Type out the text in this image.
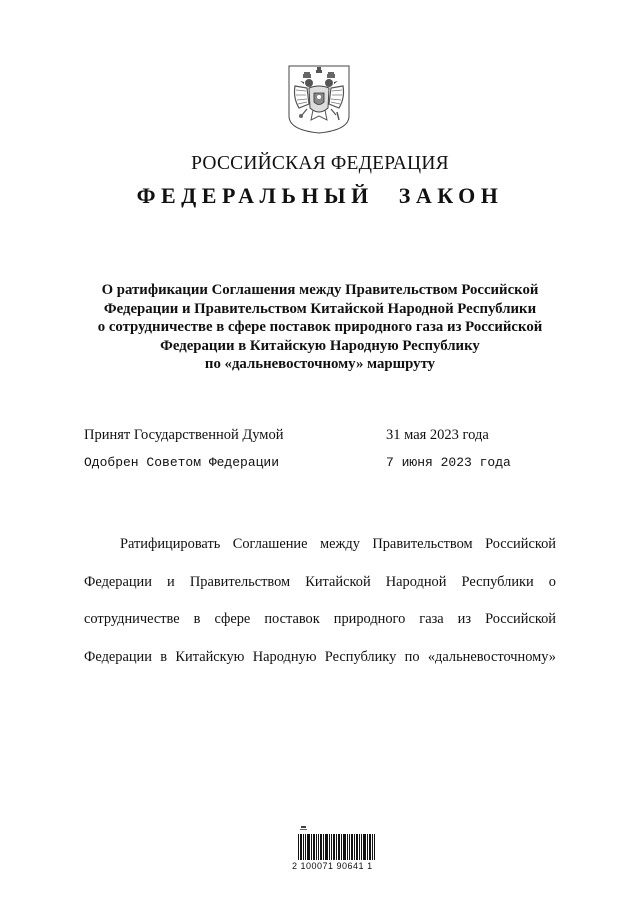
РОССИЙСКАЯ ФЕДЕРАЦИЯ
ФЕДЕРАЛЬНЫЙ ЗАКОН
О ратификации Соглашения между Правительством Российской
Федерации и Правительством Китайской Народной Республики
о сотрудничестве в сфере поставок природного газа из Российской
Федерации в Китайскую Народную Республику
по «дальневосточному» маршруту
Принят Государственной Думой	31 мая 2023 года
Одобрен Советом Федерации	7 июня 2023 года
Ратифицировать Соглашение между Правительством Российской
Федерации и Правительством Китайской Народной Республики о
сотрудничестве в сфере поставок природного газа из Российской
Федерации в Китайскую Народную Республику по «дальневосточному»
2 100071 90641 1
